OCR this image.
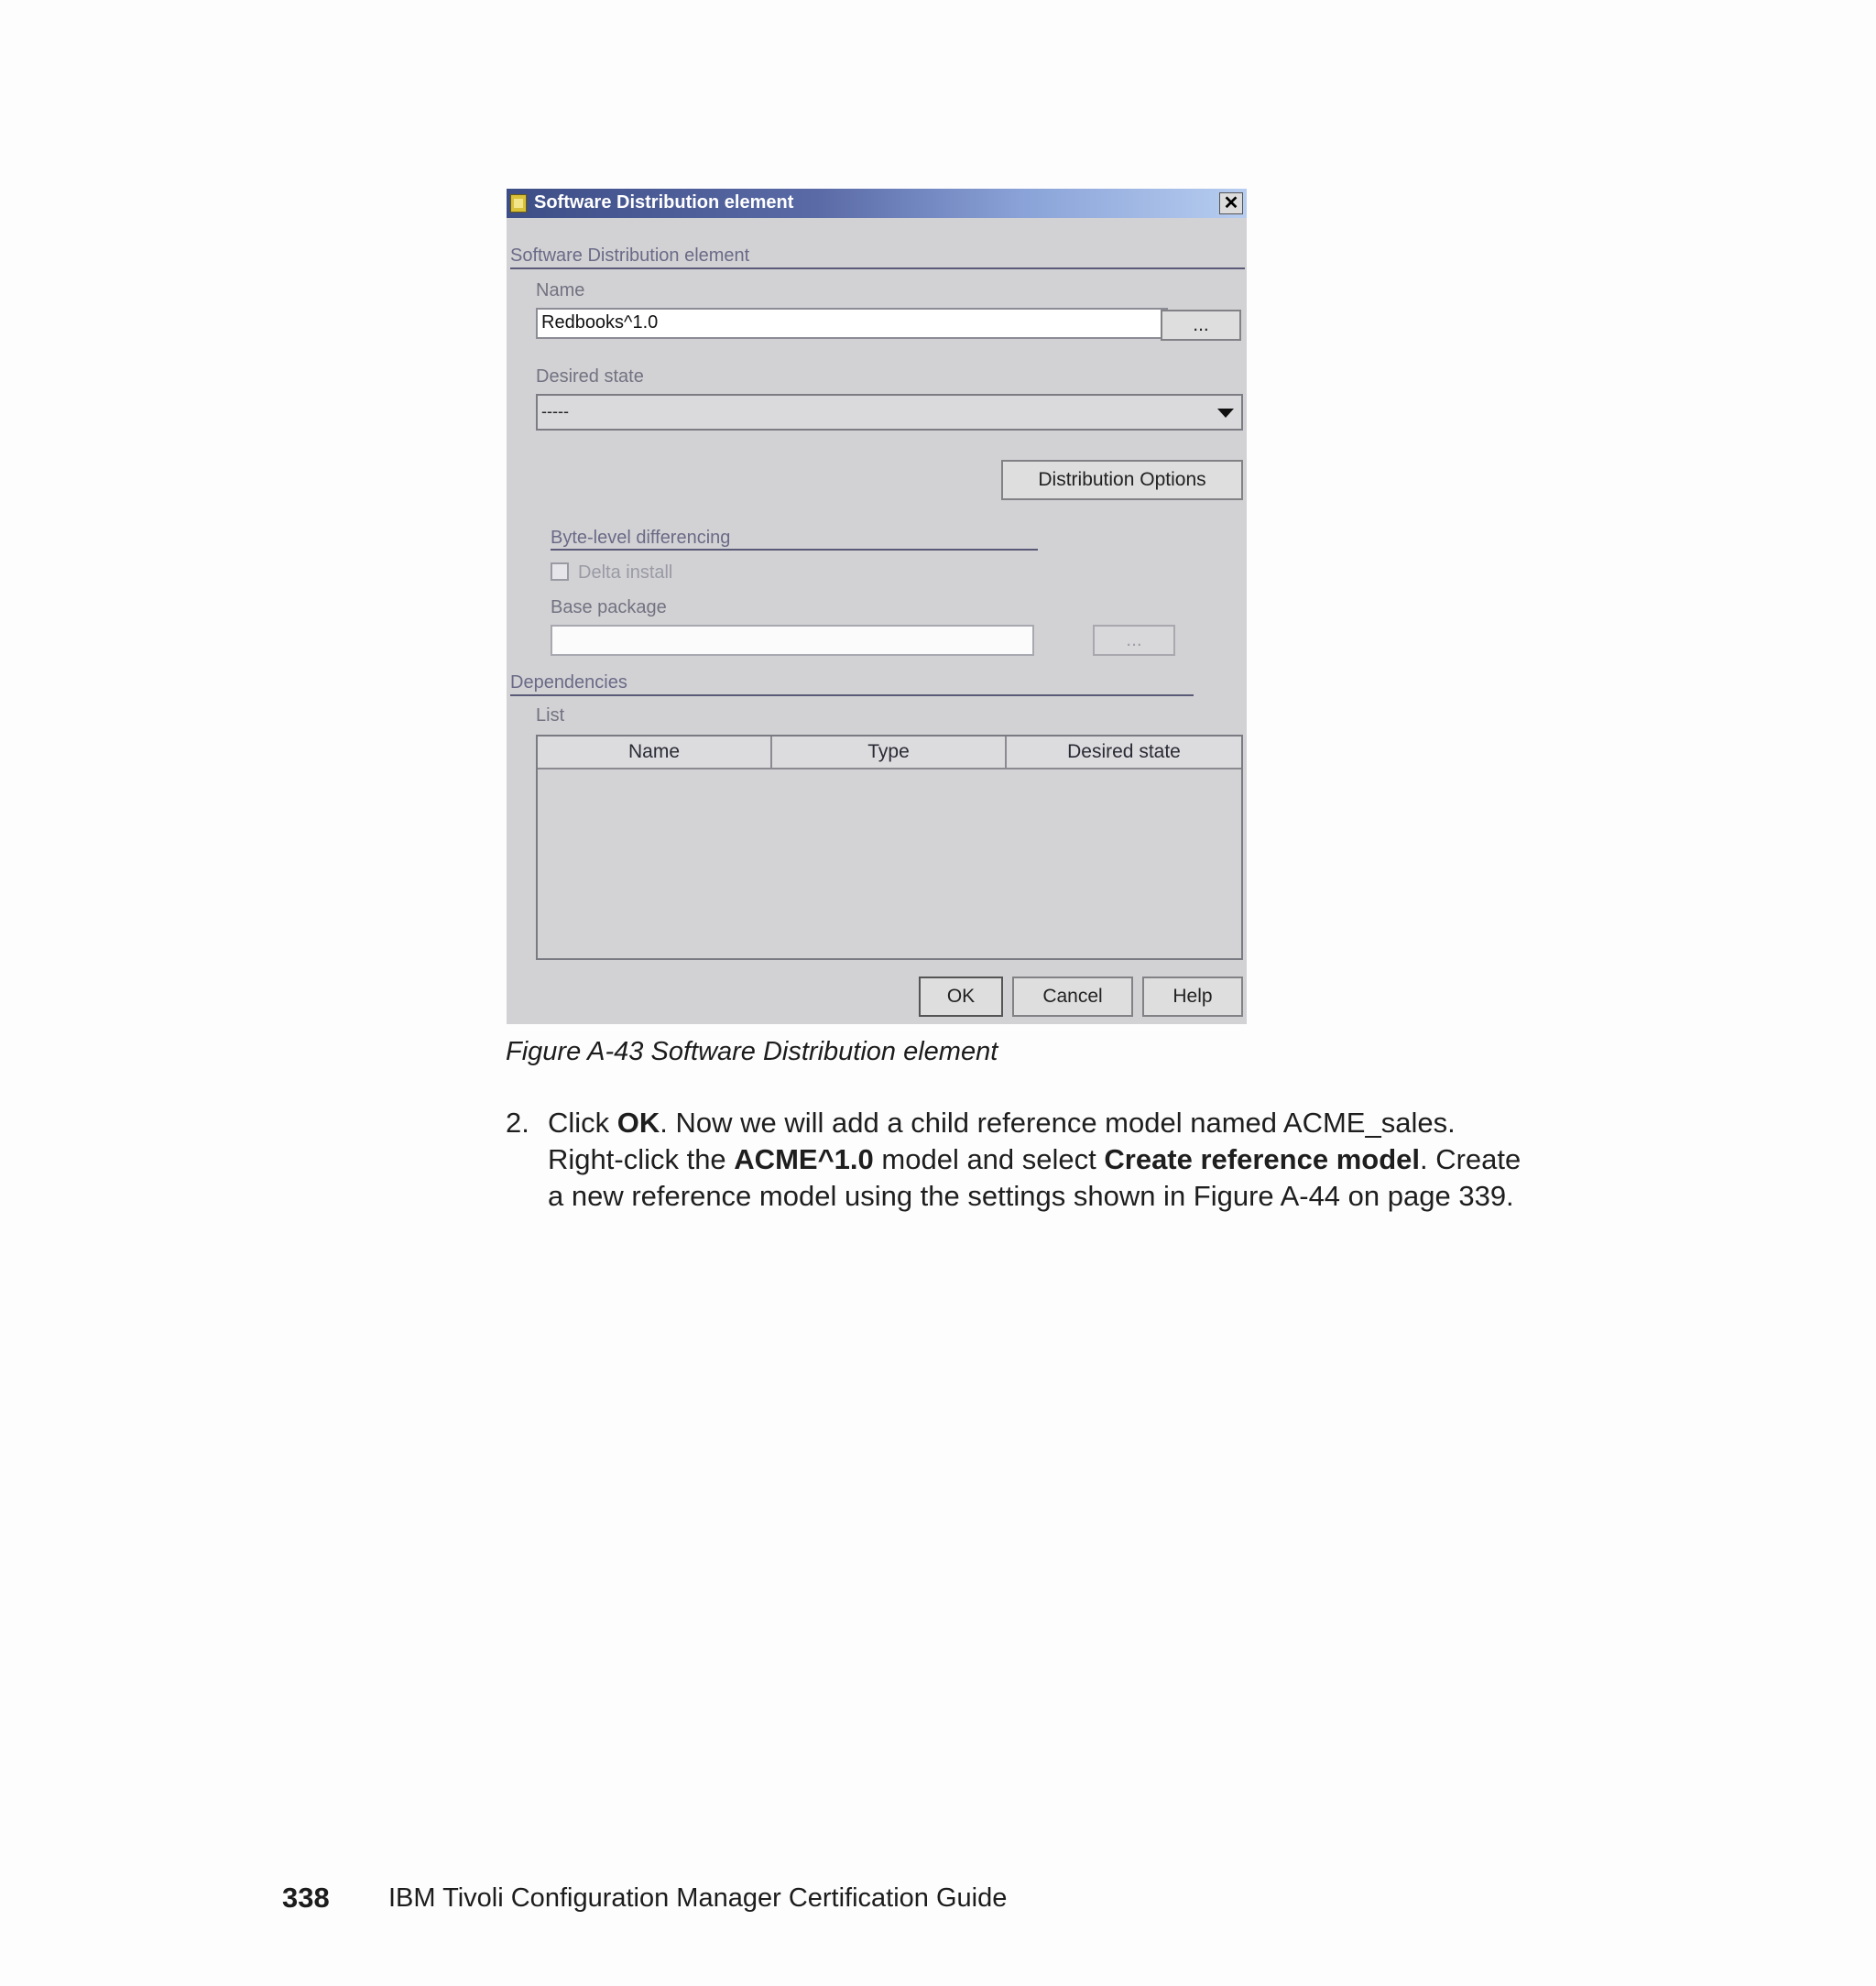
Software Distribution element	✕
Software Distribution element
Name
Redbooks^1.0	...
Desired state
-----
Distribution Options
Byte-level differencing
Delta install
Base package
...
Dependencies
List
Name	Type	Desired state
OK	Cancel	Help
Figure A-43 Software Distribution element
2. Click OK. Now we will add a child reference model named ACME_sales.
Right-click the ACME^1.0 model and select Create reference model. Create
a new reference model using the settings shown in Figure A-44 on page 339.
338 IBM Tivoli Configuration Manager Certification Guide
